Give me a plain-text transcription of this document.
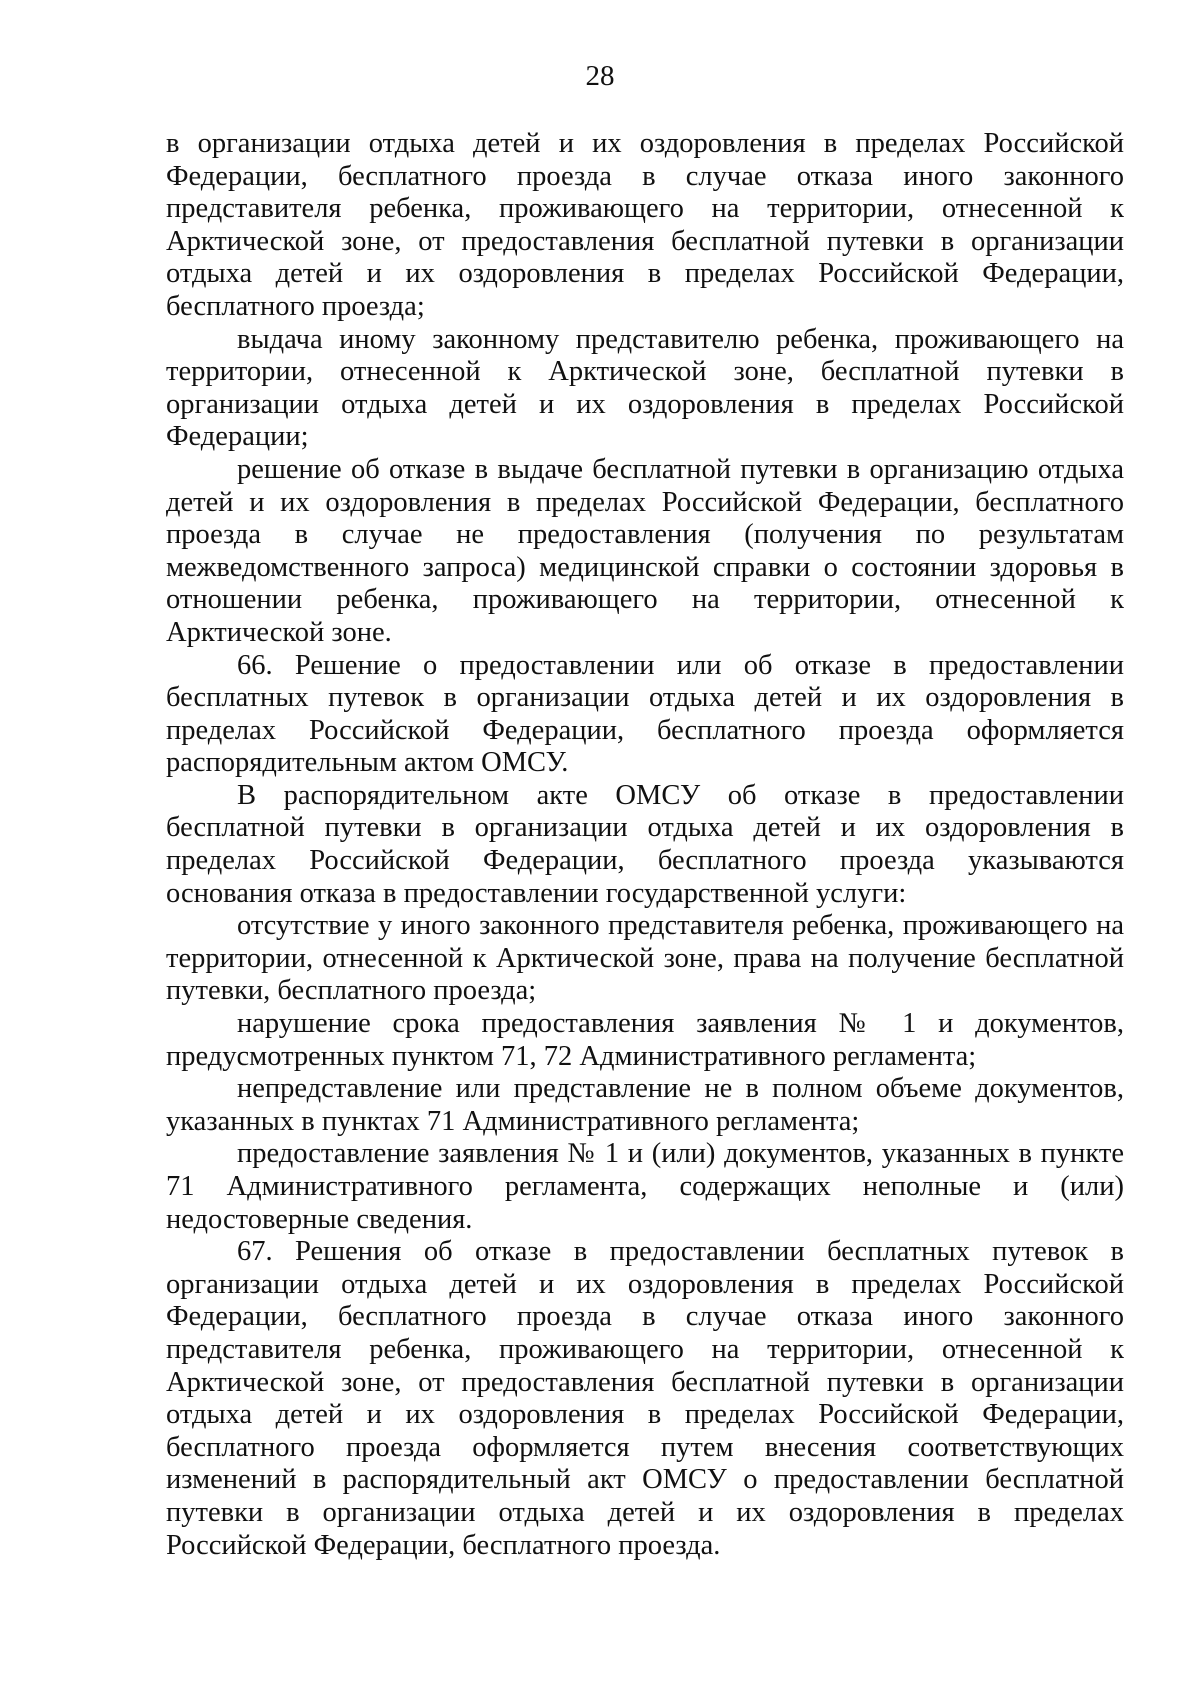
28

в организации отдыха детей и их оздоровления в пределах Российской Федерации, бесплатного проезда в случае отказа иного законного представителя ребенка, проживающего на территории, отнесенной к Арктической зоне, от предоставления бесплатной путевки в организации отдыха детей и их оздоровления в пределах Российской Федерации, бесплатного проезда;

выдача иному законному представителю ребенка, проживающего на территории, отнесенной к Арктической зоне, бесплатной путевки в организации отдыха детей и их оздоровления в пределах Российской Федерации;

решение об отказе в выдаче бесплатной путевки в организацию отдыха детей и их оздоровления в пределах Российской Федерации, бесплатного проезда в случае не предоставления (получения по результатам межведомственного запроса) медицинской справки о состоянии здоровья в отношении ребенка, проживающего на территории, отнесенной к Арктической зоне.

66. Решение о предоставлении или об отказе в предоставлении бесплатных путевок в организации отдыха детей и их оздоровления в пределах Российской Федерации, бесплатного проезда оформляется распорядительным актом ОМСУ.

В распорядительном акте ОМСУ об отказе в предоставлении бесплатной путевки в организации отдыха детей и их оздоровления в пределах Российской Федерации, бесплатного проезда указываются основания отказа в предоставлении государственной услуги:

отсутствие у иного законного представителя ребенка, проживающего на территории, отнесенной к Арктической зоне, права на получение бесплатной путевки, бесплатного проезда;

нарушение срока предоставления заявления № 1 и документов, предусмотренных пунктом 71, 72 Административного регламента;

непредставление или представление не в полном объеме документов, указанных в пунктах 71 Административного регламента;

предоставление заявления № 1 и (или) документов, указанных в пункте 71 Административного регламента, содержащих неполные и (или) недостоверные сведения.

67. Решения об отказе в предоставлении бесплатных путевок в организации отдыха детей и их оздоровления в пределах Российской Федерации, бесплатного проезда в случае отказа иного законного представителя ребенка, проживающего на территории, отнесенной к Арктической зоне, от предоставления бесплатной путевки в организации отдыха детей и их оздоровления в пределах Российской Федерации, бесплатного проезда оформляется путем внесения соответствующих изменений в распорядительный акт ОМСУ о предоставлении бесплатной путевки в организации отдыха детей и их оздоровления в пределах Российской Федерации, бесплатного проезда.
